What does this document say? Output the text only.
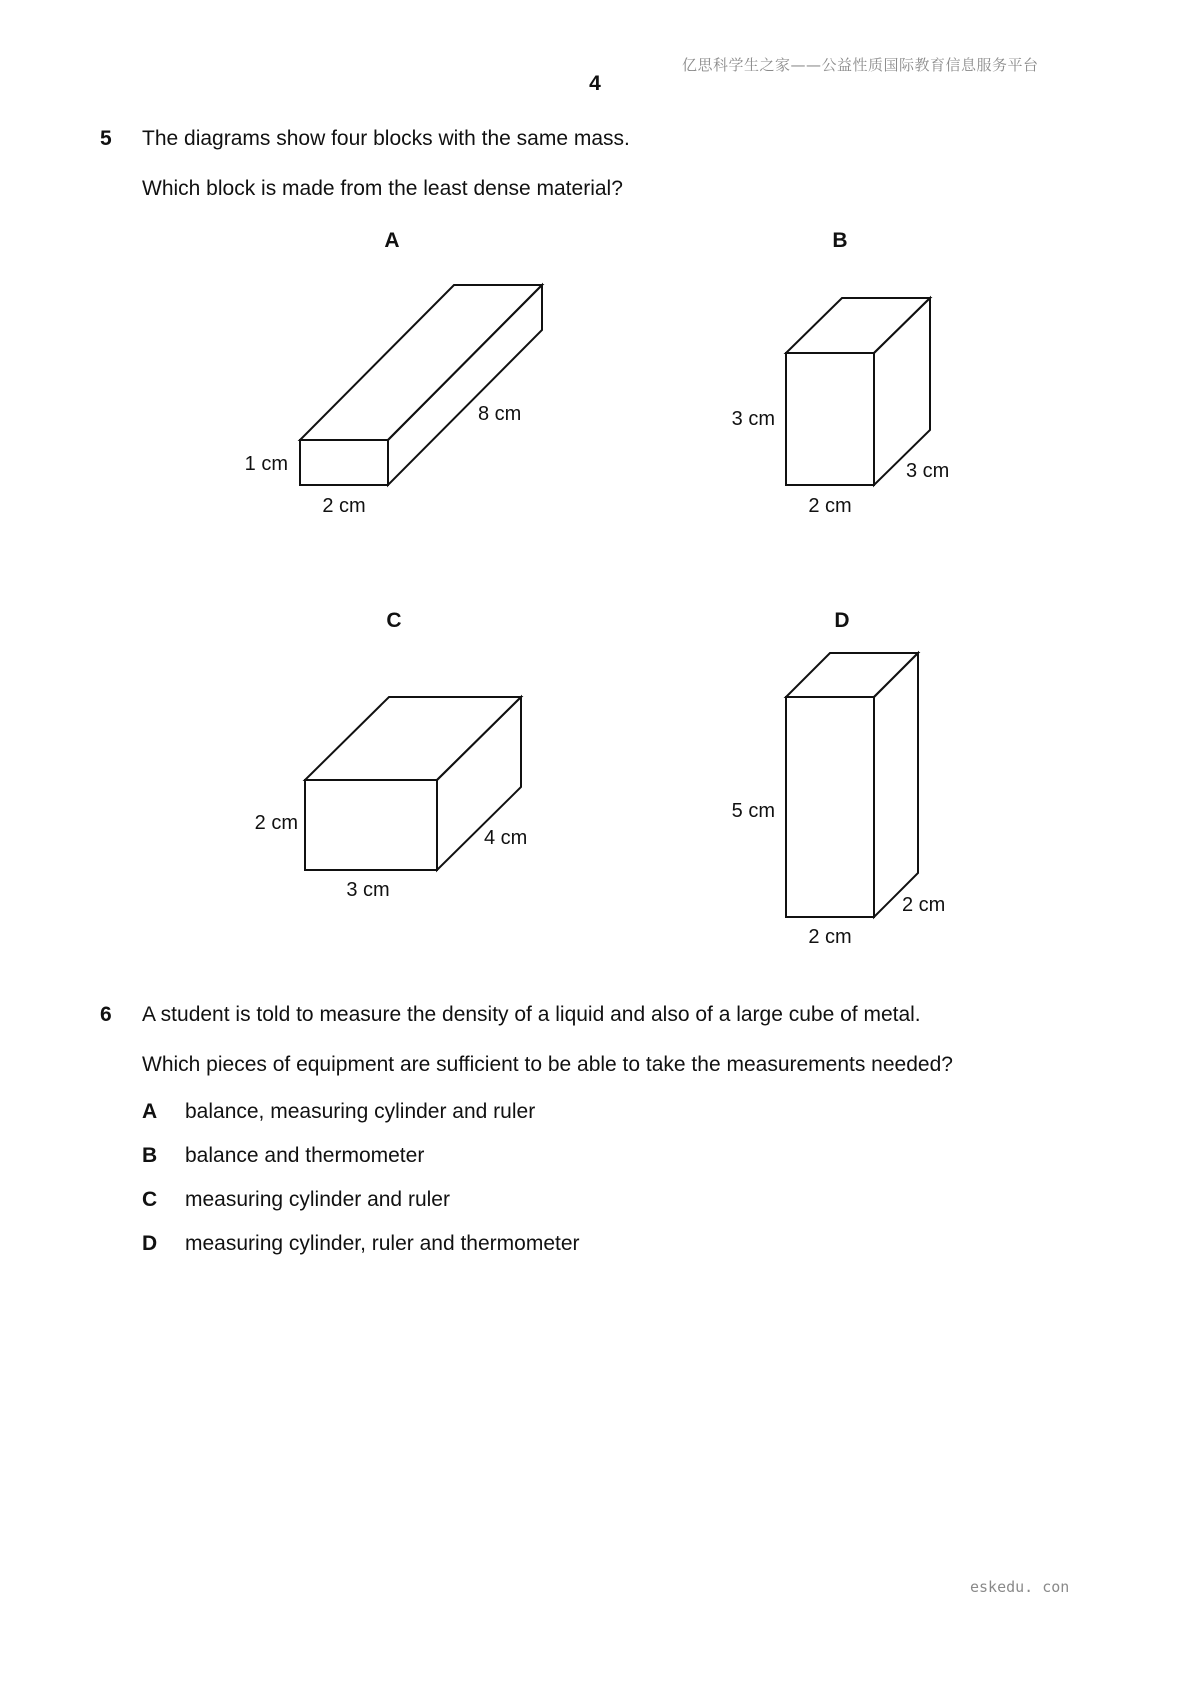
亿思科学生之家——公益性质国际教育信息服务平台
4
5 The diagrams show four blocks with the same mass.
Which block is made from the least dense material?
A
1 cm
2 cm
8 cm
B
3 cm
2 cm
3 cm
C
2 cm
3 cm
4 cm
D
5 cm
2 cm
2 cm
6 A student is told to measure the density of a liquid and also of a large cube of metal.
Which pieces of equipment are sufficient to be able to take the measurements needed?
A balance, measuring cylinder and ruler
B balance and thermometer
C measuring cylinder and ruler
D measuring cylinder, ruler and thermometer
eskedu. con
